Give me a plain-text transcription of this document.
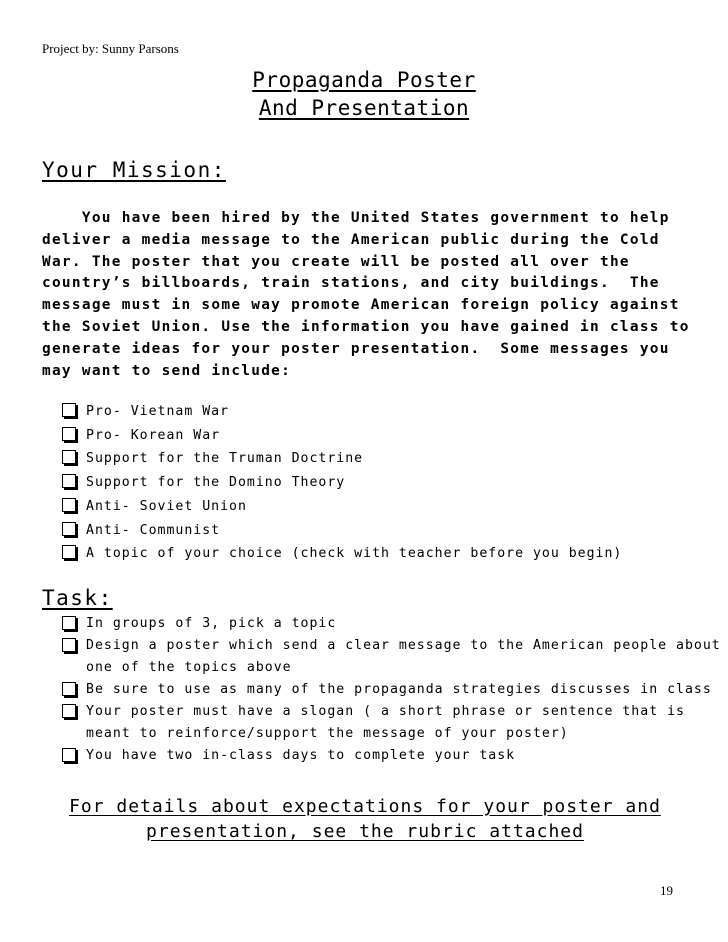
Project by: Sunny Parsons
Propaganda Poster
And Presentation
Your Mission:
You have been hired by the United States government to help
deliver a media message to the American public during the Cold
War. The poster that you create will be posted all over the
country’s billboards, train stations, and city buildings.  The
message must in some way promote American foreign policy against
the Soviet Union. Use the information you have gained in class to
generate ideas for your poster presentation.  Some messages you
may want to send include:
Pro- Vietnam War
Pro- Korean War
Support for the Truman Doctrine
Support for the Domino Theory
Anti- Soviet Union
Anti- Communist
A topic of your choice (check with teacher before you begin)
Task:
In groups of 3, pick a topic
Design a poster which send a clear message to the American people about
one of the topics above
Be sure to use as many of the propaganda strategies discusses in class
Your poster must have a slogan ( a short phrase or sentence that is
meant to reinforce/support the message of your poster)
You have two in-class days to complete your task
For details about expectations for your poster and
presentation, see the rubric attached
19
